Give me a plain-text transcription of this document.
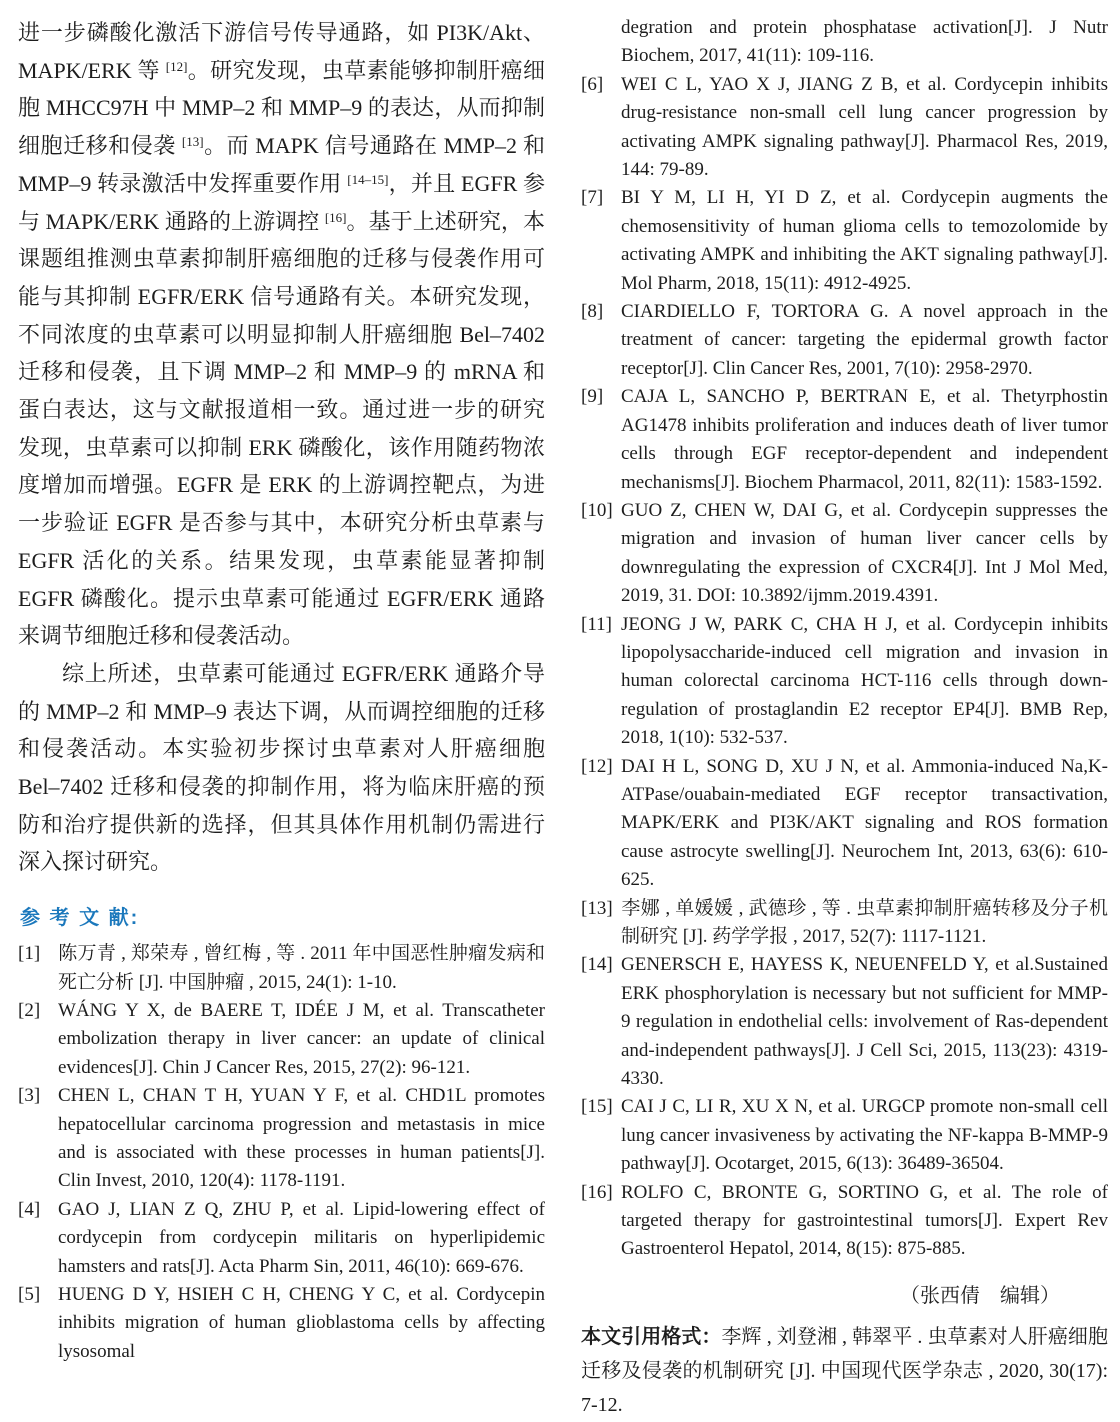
进一步磷酸化激活下游信号传导通路，如 PI3K/Akt、MAPK/ERK 等 [12]。研究发现，虫草素能够抑制肝癌细胞 MHCC97H 中 MMP–2 和 MMP–9 的表达，从而抑制细胞迁移和侵袭 [13]。而 MAPK 信号通路在 MMP–2 和 MMP–9 转录激活中发挥重要作用 [14–15]，并且 EGFR 参与 MAPK/ERK 通路的上游调控 [16]。基于上述研究，本课题组推测虫草素抑制肝癌细胞的迁移与侵袭作用可能与其抑制 EGFR/ERK 信号通路有关。本研究发现，不同浓度的虫草素可以明显抑制人肝癌细胞 Bel–7402 迁移和侵袭，且下调 MMP–2 和 MMP–9 的 mRNA 和蛋白表达，这与文献报道相一致。通过进一步的研究发现，虫草素可以抑制 ERK 磷酸化，该作用随药物浓度增加而增强。EGFR 是 ERK 的上游调控靶点，为进一步验证 EGFR 是否参与其中，本研究分析虫草素与 EGFR 活化的关系。结果发现，虫草素能显著抑制 EGFR 磷酸化。提示虫草素可能通过 EGFR/ERK 通路来调节细胞迁移和侵袭活动。

综上所述，虫草素可能通过 EGFR/ERK 通路介导的 MMP–2 和 MMP–9 表达下调，从而调控细胞的迁移和侵袭活动。本实验初步探讨虫草素对人肝癌细胞 Bel–7402 迁移和侵袭的抑制作用，将为临床肝癌的预防和治疗提供新的选择，但其具体作用机制仍需进行深入探讨研究。

参 考 文 献:
[1] 陈万青 , 郑荣寿 , 曾红梅 , 等 . 2011 年中国恶性肿瘤发病和死亡分析 [J]. 中国肿瘤 , 2015, 24(1): 1-10.
[2] WÁNG Y X, de BAERE T, IDÉE J M, et al. Transcatheter embolization therapy in liver cancer: an update of clinical evidences[J]. Chin J Cancer Res, 2015, 27(2): 96-121.
[3] CHEN L, CHAN T H, YUAN Y F, et al. CHD1L promotes hepatocellular carcinoma progression and metastasis in mice and is associated with these processes in human patients[J]. Clin Invest, 2010, 120(4): 1178-1191.
[4] GAO J, LIAN Z Q, ZHU P, et al. Lipid-lowering effect of cordycepin from cordycepin militaris on hyperlipidemic hamsters and rats[J]. Acta Pharm Sin, 2011, 46(10): 669-676.
[5] HUENG D Y, HSIEH C H, CHENG Y C, et al. Cordycepin inhibits migration of human glioblastoma cells by affecting lysosomal
degration and protein phosphatase activation[J]. J Nutr Biochem, 2017, 41(11): 109-116.
[6] WEI C L, YAO X J, JIANG Z B, et al. Cordycepin inhibits drug-resistance non-small cell lung cancer progression by activating AMPK signaling pathway[J]. Pharmacol Res, 2019, 144: 79-89.
[7] BI Y M, LI H, YI D Z, et al. Cordycepin augments the chemosensitivity of human glioma cells to temozolomide by activating AMPK and inhibiting the AKT signaling pathway[J]. Mol Pharm, 2018, 15(11): 4912-4925.
[8] CIARDIELLO F, TORTORA G. A novel approach in the treatment of cancer: targeting the epidermal growth factor receptor[J]. Clin Cancer Res, 2001, 7(10): 2958-2970.
[9] CAJA L, SANCHO P, BERTRAN E, et al. Thetyrphostin AG1478 inhibits proliferation and induces death of liver tumor cells through EGF receptor-dependent and independent mechanisms[J]. Biochem Pharmacol, 2011, 82(11): 1583-1592.
[10] GUO Z, CHEN W, DAI G, et al. Cordycepin suppresses the migration and invasion of human liver cancer cells by downregulating the expression of CXCR4[J]. Int J Mol Med, 2019, 31. DOI: 10.3892/ijmm.2019.4391.
[11] JEONG J W, PARK C, CHA H J, et al. Cordycepin inhibits lipopolysaccharide-induced cell migration and invasion in human colorectal carcinoma HCT-116 cells through down-regulation of prostaglandin E2 receptor EP4[J]. BMB Rep, 2018, 1(10): 532-537.
[12] DAI H L, SONG D, XU J N, et al. Ammonia-induced Na,K-ATPase/ouabain-mediated EGF receptor transactivation, MAPK/ERK and PI3K/AKT signaling and ROS formation cause astrocyte swelling[J]. Neurochem Int, 2013, 63(6): 610-625.
[13] 李娜 , 单媛媛 , 武德珍 , 等 . 虫草素抑制肝癌转移及分子机制研究 [J]. 药学学报 , 2017, 52(7): 1117-1121.
[14] GENERSCH E, HAYESS K, NEUENFELD Y, et al.Sustained ERK phosphorylation is necessary but not sufficient for MMP-9 regulation in endothelial cells: involvement of Ras-dependent and-independent pathways[J]. J Cell Sci, 2015, 113(23): 4319-4330.
[15] CAI J C, LI R, XU X N, et al. URGCP promote non-small cell lung cancer invasiveness by activating the NF-kappa B-MMP-9 pathway[J]. Ocotarget, 2015, 6(13): 36489-36504.
[16] ROLFO C, BRONTE G, SORTINO G, et al. The role of targeted therapy for gastrointestinal tumors[J]. Expert Rev Gastroenterol Hepatol, 2014, 8(15): 875-885.

（张西倩　编辑）

本文引用格式：李辉 , 刘登湘 , 韩翠平 . 虫草素对人肝癌细胞迁移及侵袭的机制研究 [J]. 中国现代医学杂志 , 2020, 30(17): 7-12.
